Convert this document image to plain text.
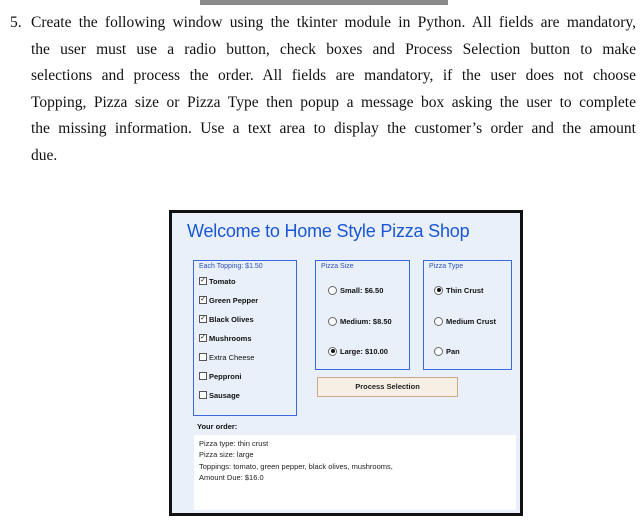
5. Create the following window using the tkinter module in Python. All fields are mandatory,
the user must use a radio button, check boxes and Process Selection button to make
selections and process the order. All fields are mandatory, if the user does not choose
Topping, Pizza size or Pizza Type then popup a message box asking the user to complete
the missing information. Use a text area to display the customer’s order and the amount
due.
Welcome to Home Style Pizza Shop
Each Topping: $1.50
✓ Tomato
✓ Green Pepper
✓ Black Olives
✓ Mushrooms
Extra Cheese
Pepproni
Sausage
Pizza Size
Small: $6.50
Medium: $8.50
Large: $10.00
Pizza Type
Thin Crust
Medium Crust
Pan
Process Selection
Your order:
Pizza type: thin crust
Pizza size: large
Toppings: tomato, green pepper, black olives, mushrooms,
Amount Due: $16.0
